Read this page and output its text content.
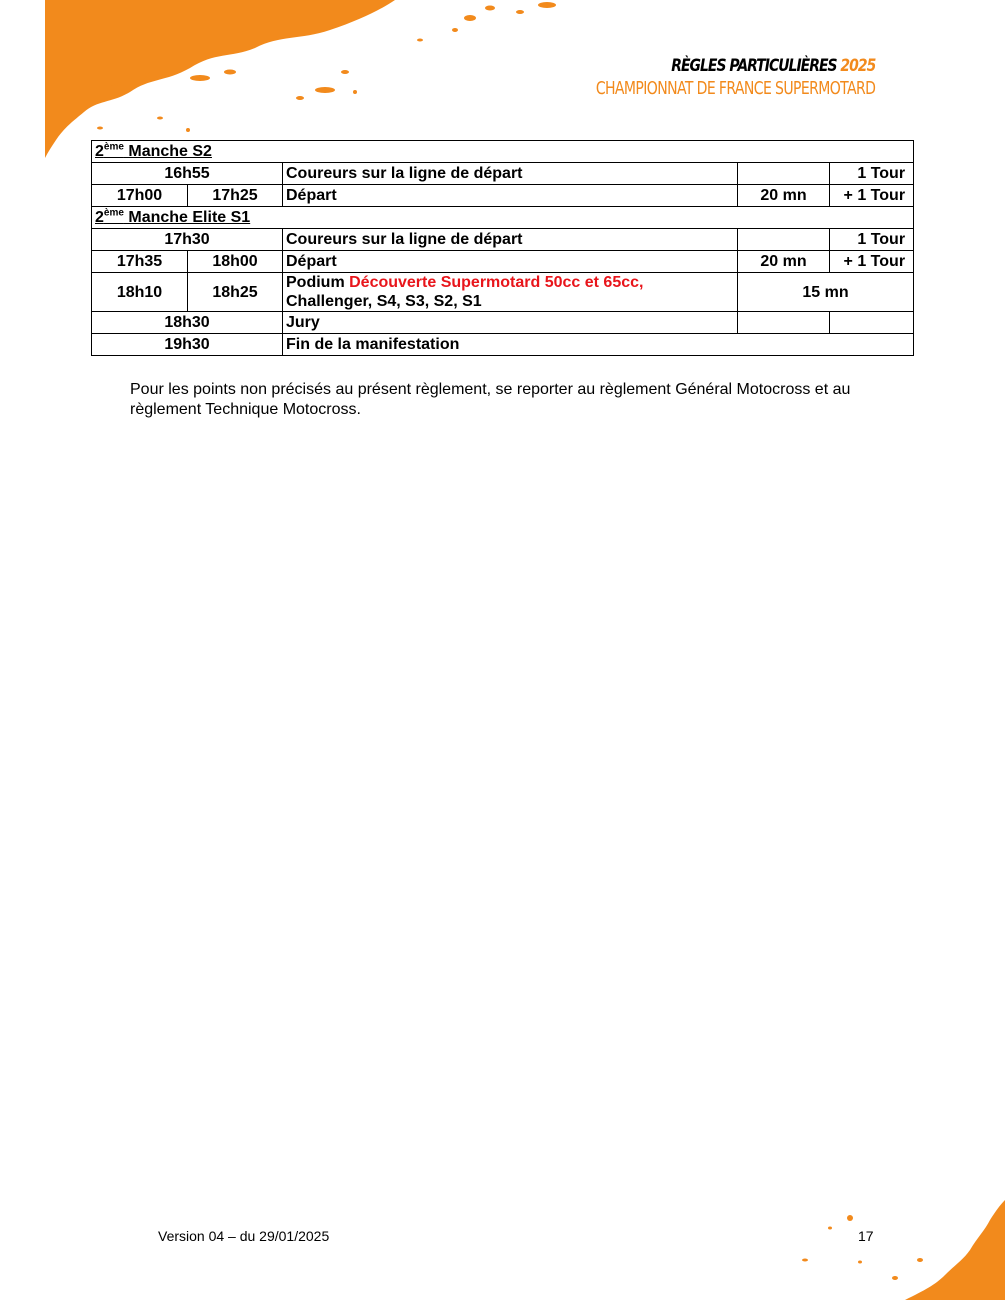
RÈGLES PARTICULIÈRES 2025
CHAMPIONNAT DE FRANCE SUPERMOTARD
2ème Manche S2				
16h55		Coureurs sur la ligne de départ		1 Tour
17h00	17h25	Départ	20 mn	+ 1 Tour
2ème Manche Elite S1				
17h30		Coureurs sur la ligne de départ		1 Tour
17h35	18h00	Départ	20 mn	+ 1 Tour
18h10	18h25	Podium Découverte Supermotard 50cc et 65cc,
Challenger, S4, S3, S2, S1	15 mn	
18h30		Jury		
19h30		Fin de la manifestation		
Pour les points non précisés au présent règlement, se reporter au règlement Général Motocross et au règlement Technique Motocross.
Version 04 – du 29/01/2025	17
